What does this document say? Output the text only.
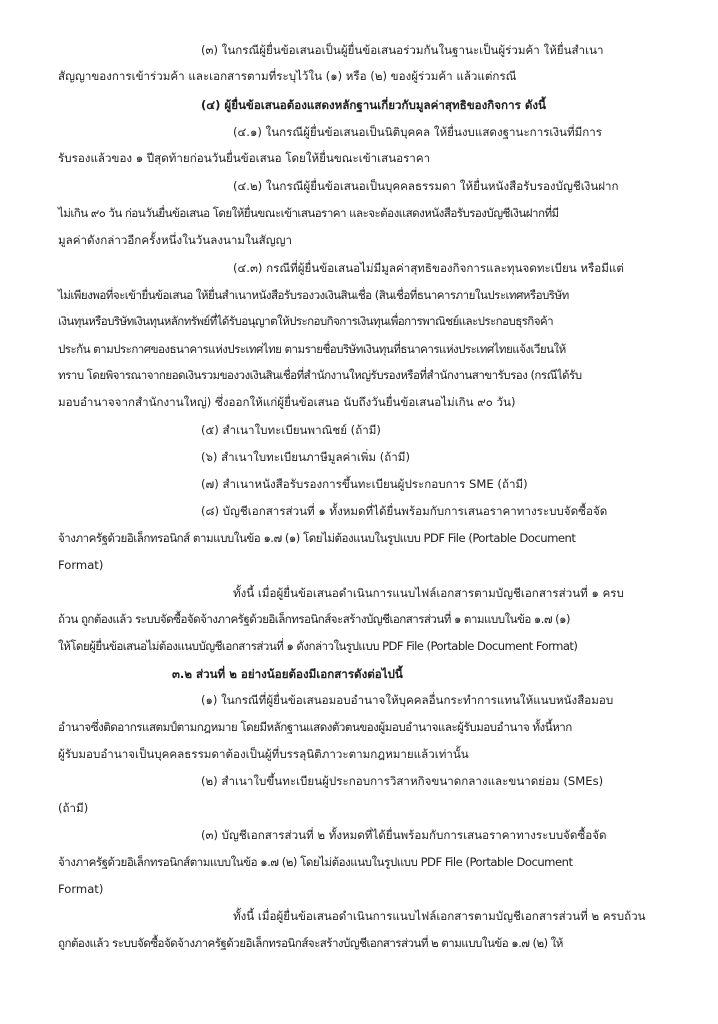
(๓) ในกรณีผู้ยื่นข้อเสนอเป็นผู้ยื่นข้อเสนอร่วมกันในฐานะเป็นผู้ร่วมค้า ให้ยื่นสำเนา

สัญญาของการเข้าร่วมค้า และเอกสารตามที่ระบุไว้ใน (๑) หรือ (๒) ของผู้ร่วมค้า แล้วแต่กรณี

(๔) ผู้ยื่นข้อเสนอต้องแสดงหลักฐานเกี่ยวกับมูลค่าสุทธิของกิจการ ดังนี้

(๔.๑) ในกรณีผู้ยื่นข้อเสนอเป็นนิติบุคคล ให้ยื่นงบแสดงฐานะการเงินที่มีการ

รับรองแล้วของ ๑ ปีสุดท้ายก่อนวันยื่นข้อเสนอ โดยให้ยื่นขณะเข้าเสนอราคา

(๔.๒) ในกรณีผู้ยื่นข้อเสนอเป็นบุคคลธรรมดา ให้ยื่นหนังสือรับรองบัญชีเงินฝาก

ไม่เกิน ๙๐ วัน ก่อนวันยื่นข้อเสนอ โดยให้ยื่นขณะเข้าเสนอราคา และจะต้องแสดงหนังสือรับรองบัญชีเงินฝากที่มี

มูลค่าดังกล่าวอีกครั้งหนึ่งในวันลงนามในสัญญา

(๔.๓) กรณีที่ผู้ยื่นข้อเสนอไม่มีมูลค่าสุทธิของกิจการและทุนจดทะเบียน หรือมีแต่

ไม่เพียงพอที่จะเข้ายื่นข้อเสนอ ให้ยื่นสำเนาหนังสือรับรองวงเงินสินเชื่อ (สินเชื่อที่ธนาคารภายในประเทศหรือบริษัท

เงินทุนหรือบริษัทเงินทุนหลักทรัพย์ที่ได้รับอนุญาตให้ประกอบกิจการเงินทุนเพื่อการพาณิชย์และประกอบธุรกิจค้า

ประกัน ตามประกาศของธนาคารแห่งประเทศไทย ตามรายชื่อบริษัทเงินทุนที่ธนาคารแห่งประเทศไทยแจ้งเวียนให้

ทราบ โดยพิจารณาจากยอดเงินรวมของวงเงินสินเชื่อที่สำนักงานใหญ่รับรองหรือที่สำนักงานสาขารับรอง (กรณีได้รับ

มอบอำนาจจากสำนักงานใหญ่) ซึ่งออกให้แก่ผู้ยื่นข้อเสนอ นับถึงวันยื่นข้อเสนอไม่เกิน ๙๐ วัน)

(๕) สำเนาใบทะเบียนพาณิชย์ (ถ้ามี)

(๖) สำเนาใบทะเบียนภาษีมูลค่าเพิ่ม (ถ้ามี)

(๗) สำเนาหนังสือรับรองการขึ้นทะเบียนผู้ประกอบการ SME (ถ้ามี)

(๘) บัญชีเอกสารส่วนที่ ๑ ทั้งหมดที่ได้ยื่นพร้อมกับการเสนอราคาทางระบบจัดซื้อจัด

จ้างภาครัฐด้วยอิเล็กทรอนิกส์ ตามแบบในข้อ ๑.๗ (๑) โดยไม่ต้องแนบในรูปแบบ PDF File (Portable Document

Format)

ทั้งนี้ เมื่อผู้ยื่นข้อเสนอดำเนินการแนบไฟล์เอกสารตามบัญชีเอกสารส่วนที่ ๑ ครบ

ถ้วน ถูกต้องแล้ว ระบบจัดซื้อจัดจ้างภาครัฐด้วยอิเล็กทรอนิกส์จะสร้างบัญชีเอกสารส่วนที่ ๑ ตามแบบในข้อ ๑.๗ (๑)

ให้โดยผู้ยื่นข้อเสนอไม่ต้องแนบบัญชีเอกสารส่วนที่ ๑ ดังกล่าวในรูปแบบ PDF File (Portable Document Format)

๓.๒ ส่วนที่ ๒ อย่างน้อยต้องมีเอกสารดังต่อไปนี้

(๑) ในกรณีที่ผู้ยื่นข้อเสนอมอบอำนาจให้บุคคลอื่นกระทำการแทนให้แนบหนังสือมอบ

อำนาจซึ่งติดอากรแสตมป์ตามกฎหมาย โดยมีหลักฐานแสดงตัวตนของผู้มอบอำนาจและผู้รับมอบอำนาจ ทั้งนี้หาก

ผู้รับมอบอำนาจเป็นบุคคลธรรมดาต้องเป็นผู้ที่บรรลุนิติภาวะตามกฎหมายแล้วเท่านั้น

(๒) สำเนาใบขึ้นทะเบียนผู้ประกอบการวิสาหกิจขนาดกลางและขนาดย่อม (SMEs)

(ถ้ามี)

(๓) บัญชีเอกสารส่วนที่ ๒ ทั้งหมดที่ได้ยื่นพร้อมกับการเสนอราคาทางระบบจัดซื้อจัด

จ้างภาครัฐด้วยอิเล็กทรอนิกส์ตามแบบในข้อ ๑.๗ (๒) โดยไม่ต้องแนบในรูปแบบ PDF File (Portable Document

Format)

ทั้งนี้ เมื่อผู้ยื่นข้อเสนอดำเนินการแนบไฟล์เอกสารตามบัญชีเอกสารส่วนที่ ๒ ครบถ้วน

ถูกต้องแล้ว ระบบจัดซื้อจัดจ้างภาครัฐด้วยอิเล็กทรอนิกส์จะสร้างบัญชีเอกสารส่วนที่ ๒ ตามแบบในข้อ ๑.๗ (๒) ให้
